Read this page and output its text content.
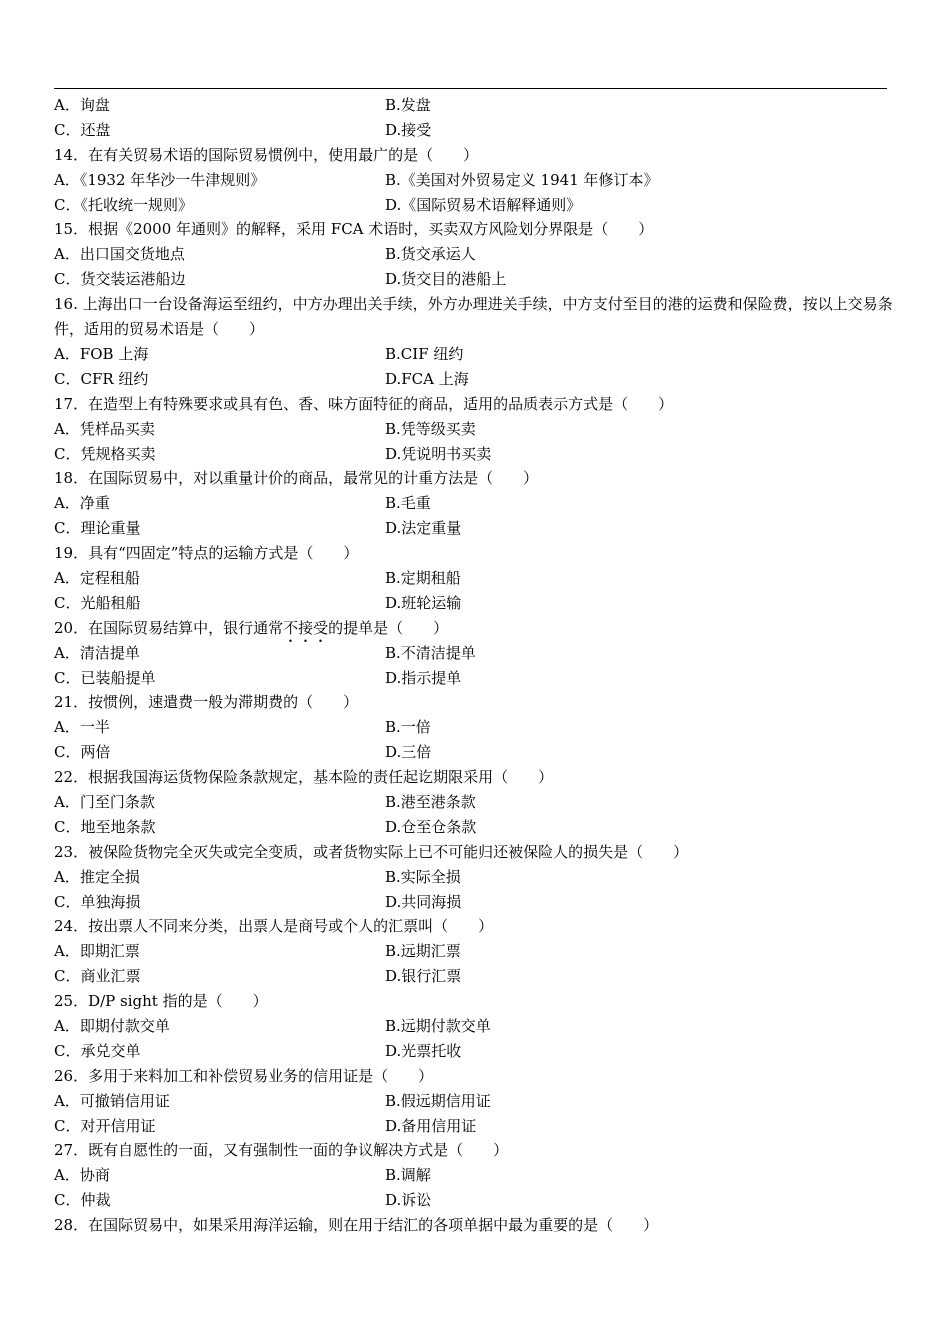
A．询盘	B.发盘
C．还盘	D.接受
14．在有关贸易术语的国际贸易惯例中，使用最广的是（　　）
A．《1932 年华沙一牛津规则》	B.《美国对外贸易定义 1941 年修订本》
C．《托收统一规则》	D.《国际贸易术语解释通则》
15．根据《2000 年通则》的解释，采用 FCA 术语时，买卖双方风险划分界限是（　　）
A．出口国交货地点	B.货交承运人
C．货交装运港船边	D.货交目的港船上
16. 上海出口一台设备海运至纽约，中方办理出关手续，外方办理进关手续，中方支付至目的港的运费和保险费，按以上交易条件，适用的贸易术语是（　　）
A．FOB 上海	B.CIF 纽约
C．CFR 纽约	D.FCA 上海
17．在造型上有特殊要求或具有色、香、味方面特征的商品，适用的品质表示方式是（　　）
A．凭样品买卖	B.凭等级买卖
C．凭规格买卖	D.凭说明书买卖
18．在国际贸易中，对以重量计价的商品，最常见的计重方法是（　　）
A．净重	B.毛重
C．理论重量	D.法定重量
19．具有“四固定”特点的运输方式是（　　）
A．定程租船	B.定期租船
C．光船租船	D.班轮运输
20．在国际贸易结算中，银行通常不接受的提单是（　　）
A．清洁提单	B.不清洁提单
C．已装船提单	D.指示提单
21．按惯例，速遣费一般为滞期费的（　　）
A．一半	B.一倍
C．两倍	D.三倍
22．根据我国海运货物保险条款规定，基本险的责任起讫期限采用（　　）
A．门至门条款	B.港至港条款
C．地至地条款	D.仓至仓条款
23．被保险货物完全灭失或完全变质，或者货物实际上已不可能归还被保险人的损失是（　　）
A．推定全损	B.实际全损
C．单独海损	D.共同海损
24．按出票人不同来分类，出票人是商号或个人的汇票叫（　　）
A．即期汇票	B.远期汇票
C．商业汇票	D.银行汇票
25．D/P sight 指的是（　　）
A．即期付款交单	B.远期付款交单
C．承兑交单	D.光票托收
26．多用于来料加工和补偿贸易业务的信用证是（　　）
A．可撤销信用证	B.假远期信用证
C．对开信用证	D.备用信用证
27．既有自愿性的一面，又有强制性一面的争议解决方式是（　　）
A．协商	B.调解
C．仲裁	D.诉讼
28．在国际贸易中，如果采用海洋运输，则在用于结汇的各项单据中最为重要的是（　　）
